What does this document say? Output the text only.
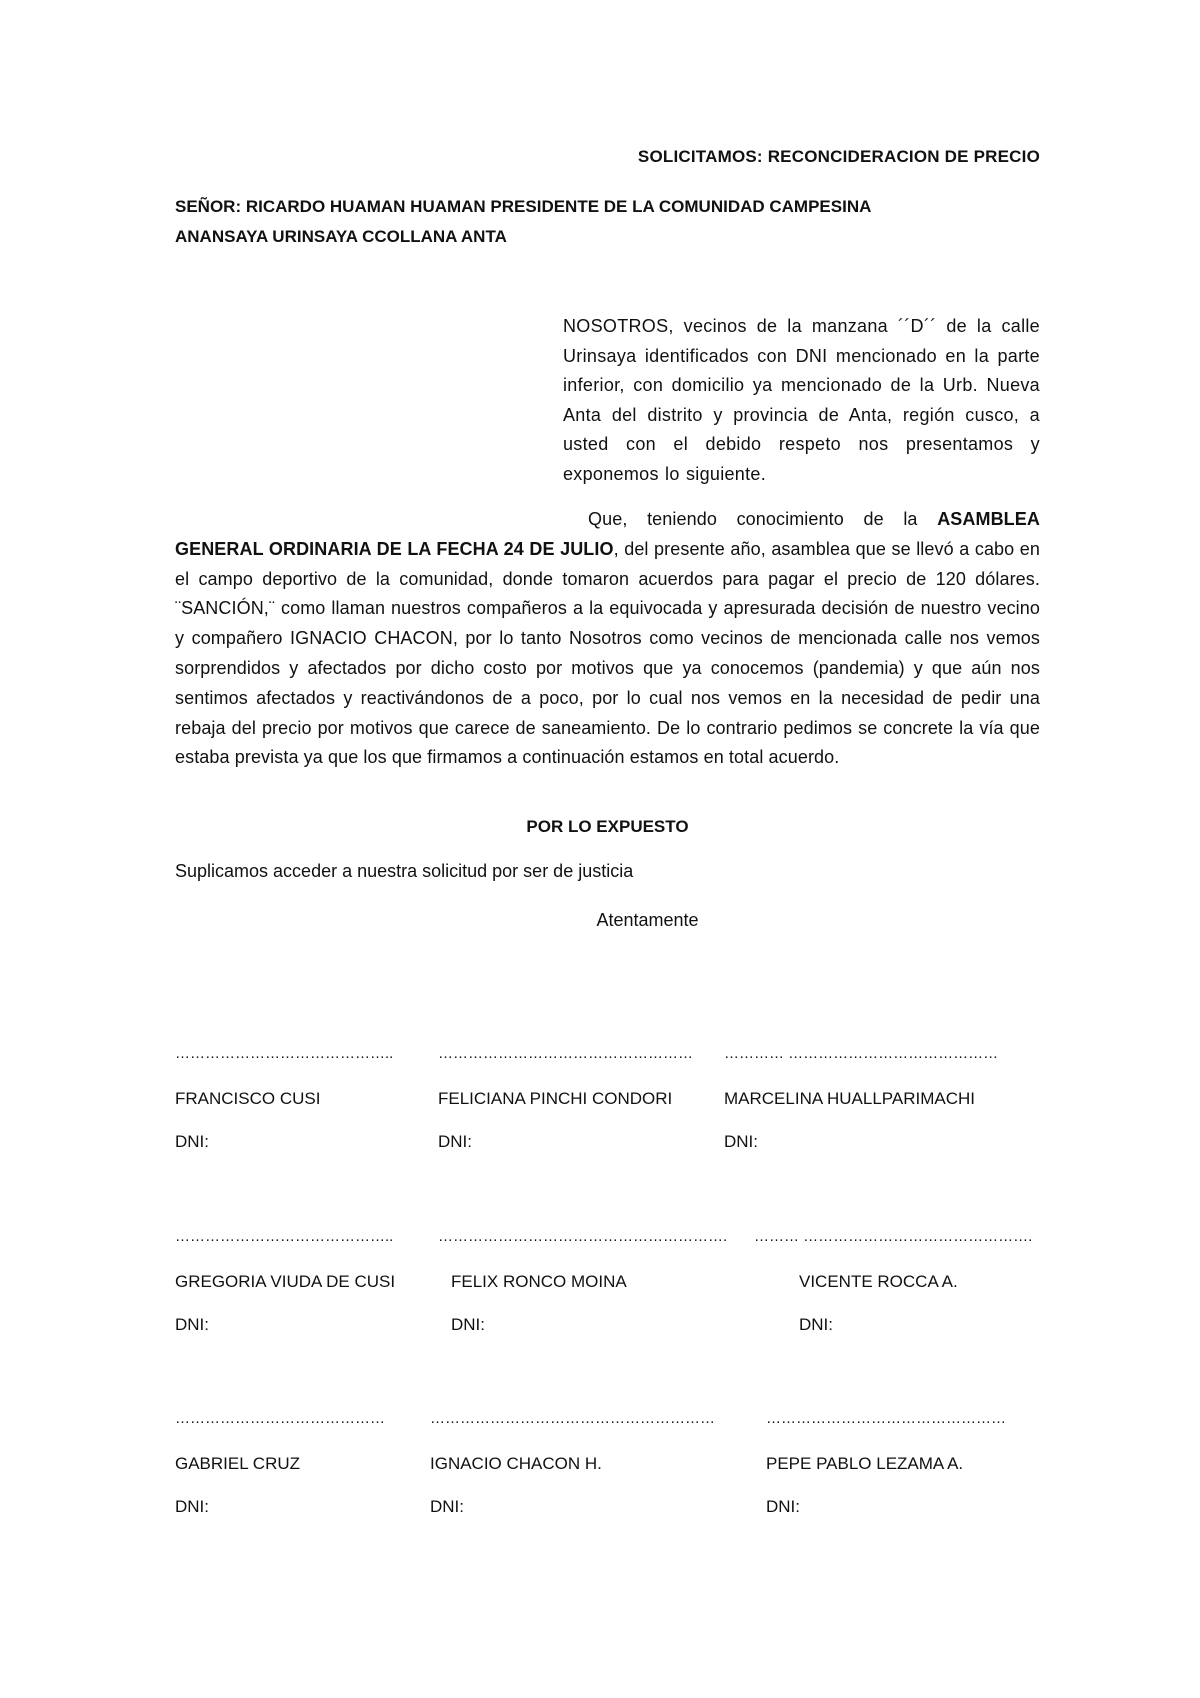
SOLICITAMOS: RECONCIDERACION DE PRECIO

SEÑOR: RICARDO HUAMAN HUAMAN PRESIDENTE DE LA COMUNIDAD CAMPESINA
ANANSAYA URINSAYA CCOLLANA ANTA

NOSOTROS, vecinos de la manzana ´´D´´ de la calle Urinsaya identificados con DNI mencionado en la parte inferior, con domicilio ya mencionado de la Urb. Nueva Anta del distrito y provincia de Anta, región cusco, a usted con el debido respeto nos presentamos y exponemos lo siguiente.

Que, teniendo conocimiento de la ASAMBLEA GENERAL ORDINARIA DE LA FECHA 24 DE JULIO, del presente año, asamblea que se llevó a cabo en el campo deportivo de la comunidad, donde tomaron acuerdos para pagar el precio de 120 dólares. ¨SANCIÓN,¨ como llaman nuestros compañeros a la equivocada y apresurada decisión de nuestro vecino y compañero IGNACIO CHACON, por lo tanto Nosotros como vecinos de mencionada calle nos vemos sorprendidos y afectados por dicho costo por motivos que ya conocemos (pandemia) y que aún nos sentimos afectados y reactivándonos de a poco, por lo cual nos vemos en la necesidad de pedir una rebaja del precio por motivos que carece de saneamiento. De lo contrario pedimos se concrete la vía que estaba prevista ya que los que firmamos a continuación estamos en total acuerdo.

POR LO EXPUESTO

Suplicamos acceder a nuestra solicitud por ser de justicia

Atentamente

……………………………………..
FRANCISCO CUSI
DNI:
……………………………………………
FELICIANA PINCHI CONDORI
DNI:
………… ……………………………………
MARCELINA HUALLPARIMACHI
DNI:
……………………………………..
GREGORIA VIUDA DE CUSI
DNI:
………………………………………………….
FELIX RONCO MOINA
DNI:
……… ……………………………………….
VICENTE ROCCA A.
DNI:
……………………………………
GABRIEL CRUZ
DNI:
…………………………………………………
IGNACIO CHACON H.
DNI:
…………………………………………
PEPE PABLO LEZAMA A.
DNI:
